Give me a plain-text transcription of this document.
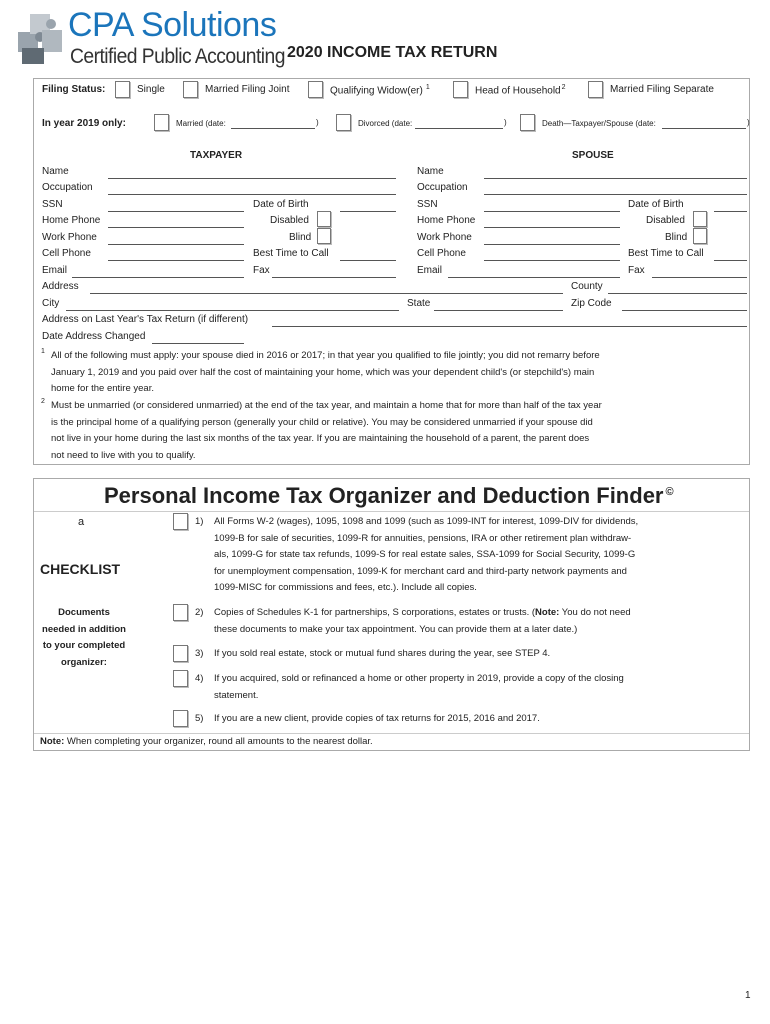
CPA Solutions
Certified Public Accounting 2020 INCOME TAX RETURN
Filing Status:	Single	Married Filing Joint	Qualifying Widow(er) $^1$	Head of Household$^2$	Married Filing Separate
In year 2019 only:	Married (date:	)	Divorced (date:	)	Death—Taxpayer/Spouse (date:	)
TAXPAYER	SPOUSE
Name
Occupation
SSN	Date of Birth
Home Phone	Disabled
Work Phone	Blind
Cell Phone	Best Time to Call
Email	Fax
Name
Occupation
SSN	Date of Birth
Home Phone	Disabled
Work Phone	Blind
Cell Phone	Best Time to Call
Email	Fax
Address	County
City	State	Zip Code
Address on Last Year's Tax Return (if different)
Date Address Changed
1 All of the following must apply: your spouse died in 2016 or 2017; in that year you qualified to file jointly; you did not remarry before
January 1, 2019 and you paid over half the cost of maintaining your home, which was your dependent child's (or stepchild's) main
home for the entire year.
2 Must be unmarried (or considered unmarried) at the end of the tax year, and maintain a home that for more than half of the tax year
is the principal home of a qualifying person (generally your child or relative). You may be considered unmarried if your spouse did
not live in your home during the last six months of the tax year. If you are maintaining the household of a parent, the parent does
not need to live with you to qualify.
Personal Income Tax Organizer and Deduction Finder ©
a
CHECKLIST
Documents
needed in addition
to your completed
organizer:
1) All Forms W-2 (wages), 1095, 1098 and 1099 (such as 1099-INT for interest, 1099-DIV for dividends,
1099-B for sale of securities, 1099-R for annuities, pensions, IRA or other retirement plan withdraw-
als, 1099-G for state tax refunds, 1099-S for real estate sales, SSA-1099 for Social Security, 1099-G
for unemployment compensation, 1099-K for merchant card and third-party network payments and
1099-MISC for commissions and fees, etc.). Include all copies.
2) Copies of Schedules K-1 for partnerships, S corporations, estates or trusts. (Note: You do not need
these documents to make your tax appointment. You can provide them at a later date.)
3) If you sold real estate, stock or mutual fund shares during the year, see STEP 4.
4) If you acquired, sold or refinanced a home or other property in 2019, provide a copy of the closing
statement.
5) If you are a new client, provide copies of tax returns for 2015, 2016 and 2017.
Note: When completing your organizer, round all amounts to the nearest dollar.
1
